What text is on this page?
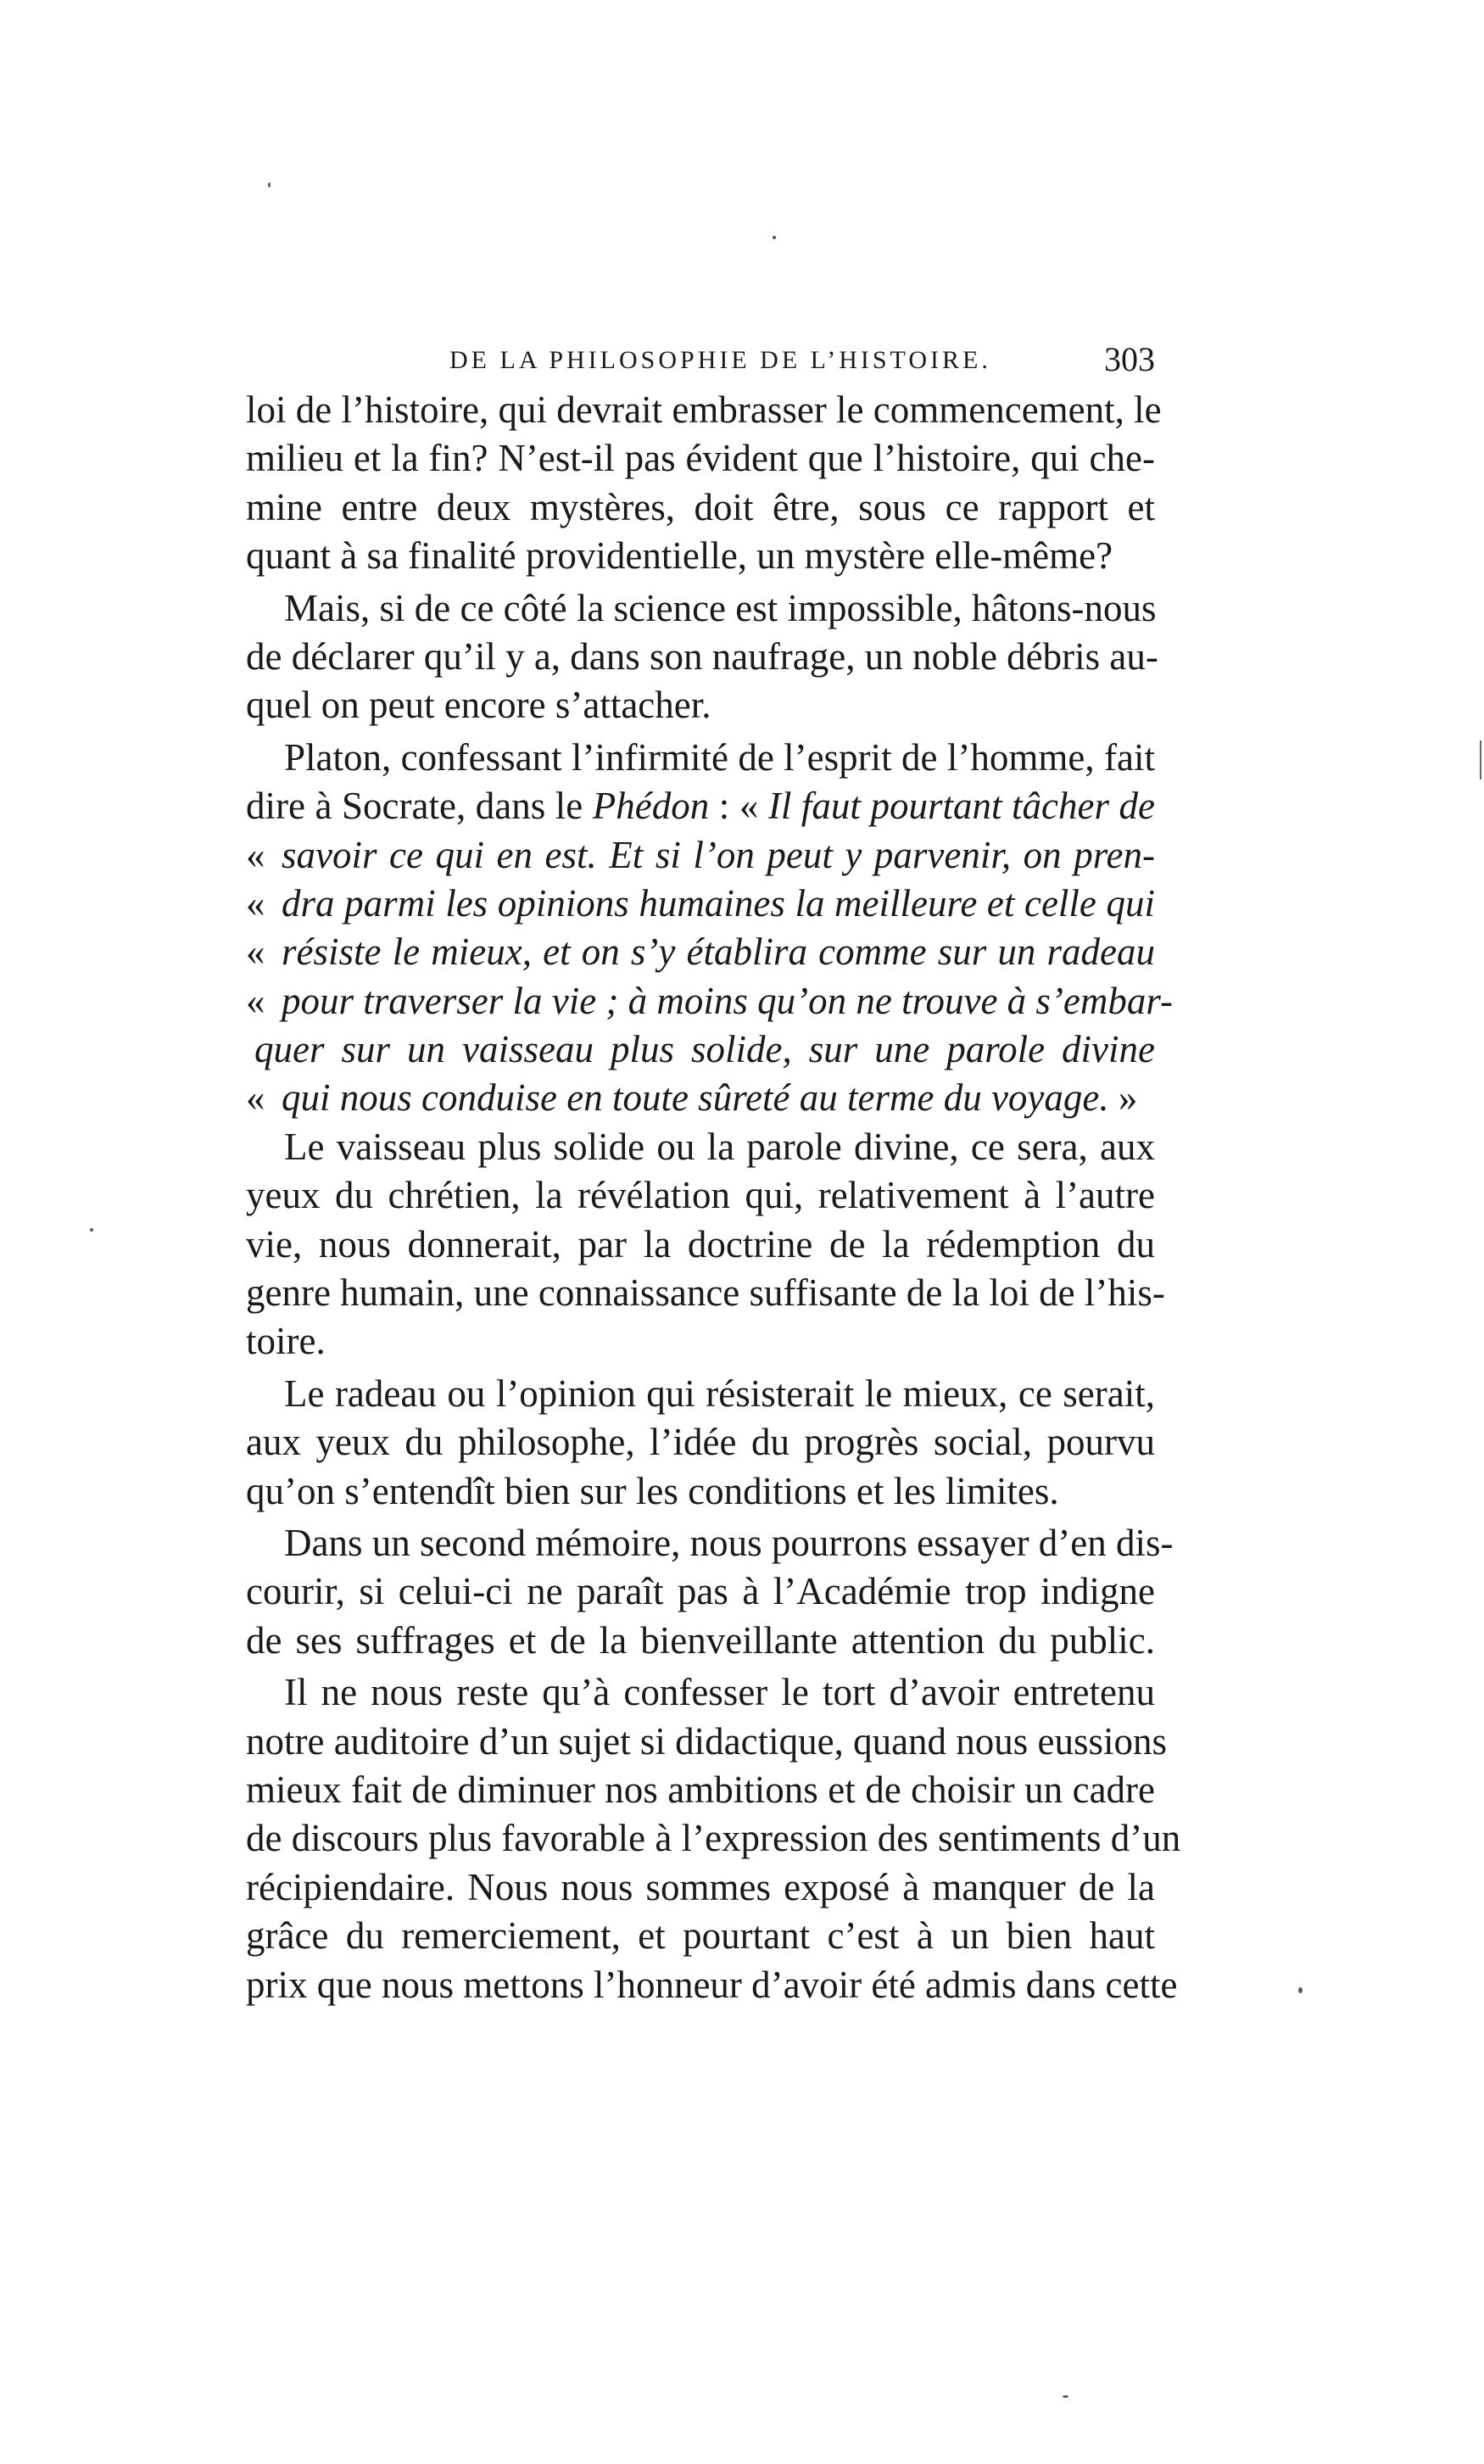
DE LA PHILOSOPHIE DE L’HISTOIRE.	303
loi de l’histoire, qui devrait embrasser le commencement, le
milieu et la fin? N’est-il pas évident que l’histoire, qui che-
mine entre deux mystères, doit être, sous ce rapport et
quant à sa finalité providentielle, un mystère elle-même?
Mais, si de ce côté la science est impossible, hâtons-nous
de déclarer qu’il y a, dans son naufrage, un noble débris au-
quel on peut encore s’attacher.
Platon, confessant l’infirmité de l’esprit de l’homme, fait
dire à Socrate, dans le Phédon : « Il faut pourtant tâcher de
« savoir ce qui en est. Et si l’on peut y parvenir, on pren-
« dra parmi les opinions humaines la meilleure et celle qui
« résiste le mieux, et on s’y établira comme sur un radeau
« pour traverser la vie ; à moins qu’on ne trouve à s’embar-
quer sur un vaisseau plus solide, sur une parole divine
« qui nous conduise en toute sûreté au terme du voyage. »
Le vaisseau plus solide ou la parole divine, ce sera, aux
yeux du chrétien, la révélation qui, relativement à l’autre
vie, nous donnerait, par la doctrine de la rédemption du
genre humain, une connaissance suffisante de la loi de l’his-
toire.
Le radeau ou l’opinion qui résisterait le mieux, ce serait,
aux yeux du philosophe, l’idée du progrès social, pourvu
qu’on s’entendît bien sur les conditions et les limites.
Dans un second mémoire, nous pourrons essayer d’en dis-
courir, si celui-ci ne paraît pas à l’Académie trop indigne
de ses suffrages et de la bienveillante attention du public.
Il ne nous reste qu’à confesser le tort d’avoir entretenu
notre auditoire d’un sujet si didactique, quand nous eussions
mieux fait de diminuer nos ambitions et de choisir un cadre
de discours plus favorable à l’expression des sentiments d’un
récipiendaire. Nous nous sommes exposé à manquer de la
grâce du remerciement, et pourtant c’est à un bien haut
prix que nous mettons l’honneur d’avoir été admis dans cette
